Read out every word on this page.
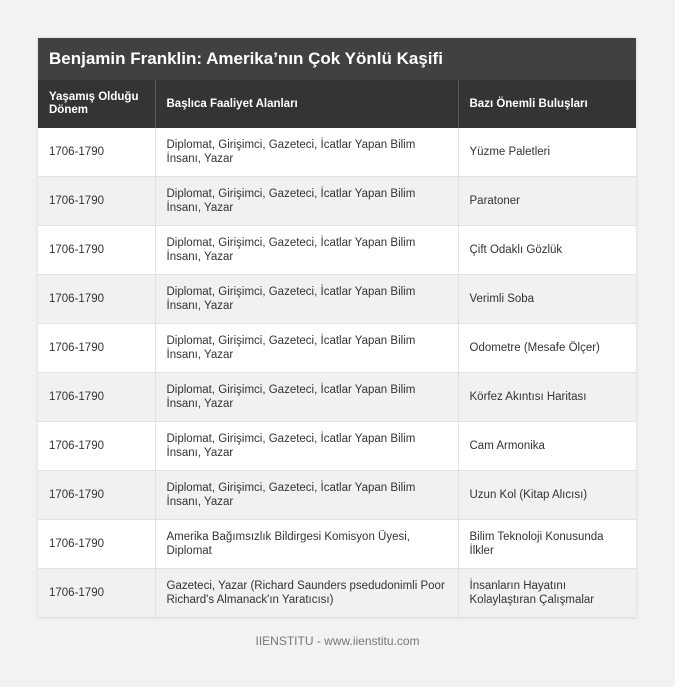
Benjamin Franklin: Amerika’nın Çok Yönlü Kaşifi
Yaşamış Olduğu Dönem	Başlıca Faaliyet Alanları	Bazı Önemli Buluşları
1706-1790	Diplomat, Girişimci, Gazeteci, İcatlar Yapan Bilim İnsanı, Yazar	Yüzme Paletleri
1706-1790	Diplomat, Girişimci, Gazeteci, İcatlar Yapan Bilim İnsanı, Yazar	Paratoner
1706-1790	Diplomat, Girişimci, Gazeteci, İcatlar Yapan Bilim İnsanı, Yazar	Çift Odaklı Gözlük
1706-1790	Diplomat, Girişimci, Gazeteci, İcatlar Yapan Bilim İnsanı, Yazar	Verimli Soba
1706-1790	Diplomat, Girişimci, Gazeteci, İcatlar Yapan Bilim İnsanı, Yazar	Odometre (Mesafe Ölçer)
1706-1790	Diplomat, Girişimci, Gazeteci, İcatlar Yapan Bilim İnsanı, Yazar	Körfez Akıntısı Haritası
1706-1790	Diplomat, Girişimci, Gazeteci, İcatlar Yapan Bilim İnsanı, Yazar	Cam Armonika
1706-1790	Diplomat, Girişimci, Gazeteci, İcatlar Yapan Bilim İnsanı, Yazar	Uzun Kol (Kitap Alıcısı)
1706-1790	Amerika Bağımsızlık Bildirgesi Komisyon Üyesi, Diplomat	Bilim Teknoloji Konusunda İlkler
1706-1790	Gazeteci, Yazar (Richard Saunders psedudonimli Poor Richard's Almanack'ın Yaratıcısı)	İnsanların Hayatını Kolaylaştıran Çalışmalar
IIENSTITU - www.iienstitu.com
